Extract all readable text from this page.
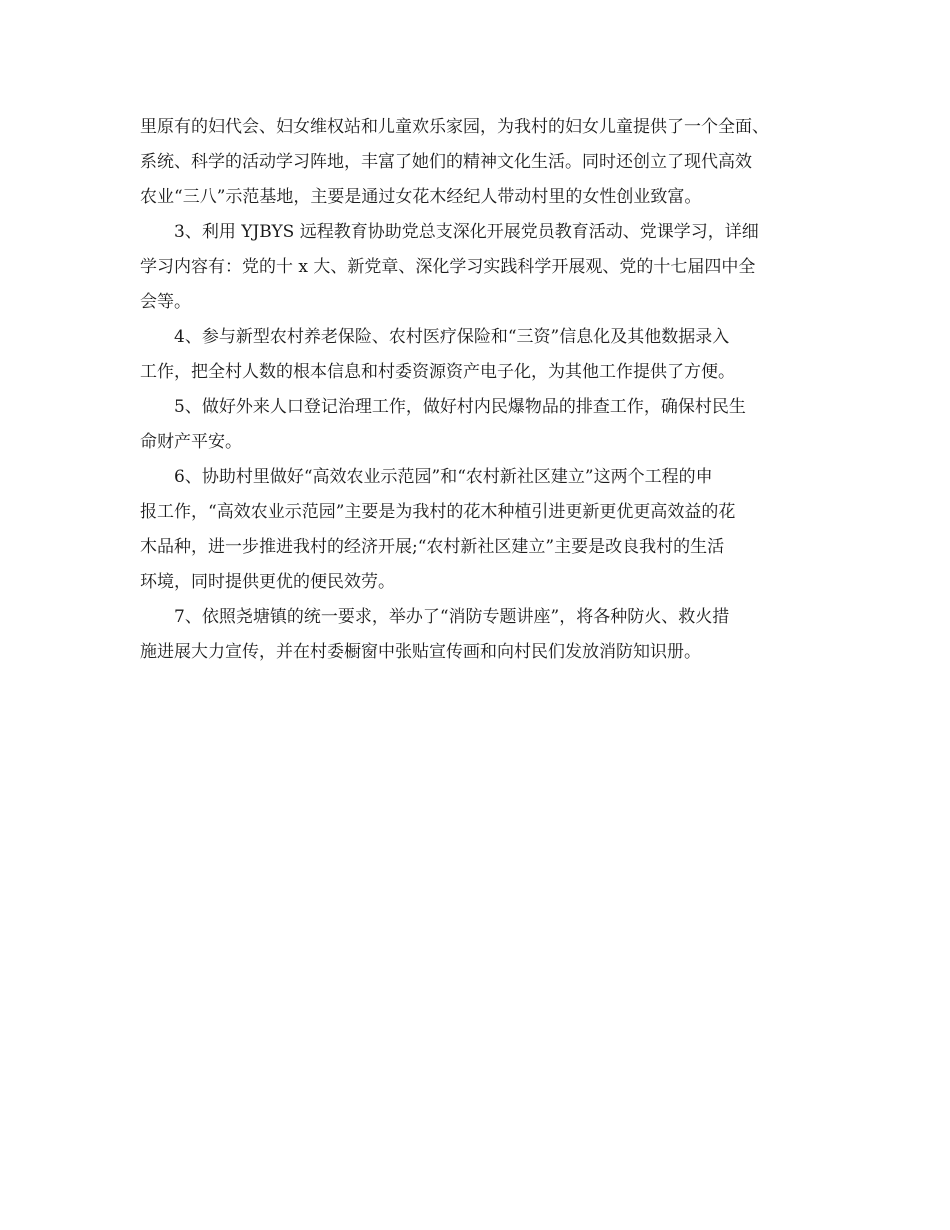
里原有的妇代会、妇女维权站和儿童欢乐家园，为我村的妇女儿童提供了一个全面、
系统、科学的活动学习阵地，丰富了她们的精神文化生活。同时还创立了现代高效
农业“三八”示范基地，主要是通过女花木经纪人带动村里的女性创业致富。
3、利用 YJBYS 远程教育协助党总支深化开展党员教育活动、党课学习，详细
学习内容有：党的十 x 大、新党章、深化学习实践科学开展观、党的十七届四中全
会等。
4、参与新型农村养老保险、农村医疗保险和“三资”信息化及其他数据录入
工作，把全村人数的根本信息和村委资源资产电子化，为其他工作提供了方便。
5、做好外来人口登记治理工作，做好村内民爆物品的排查工作，确保村民生
命财产平安。
6、协助村里做好“高效农业示范园”和“农村新社区建立”这两个工程的申
报工作，“高效农业示范园”主要是为我村的花木种植引进更新更优更高效益的花
木品种，进一步推进我村的经济开展;“农村新社区建立”主要是改良我村的生活
环境，同时提供更优的便民效劳。
7、依照尧塘镇的统一要求，举办了“消防专题讲座”，将各种防火、救火措
施进展大力宣传，并在村委橱窗中张贴宣传画和向村民们发放消防知识册。
